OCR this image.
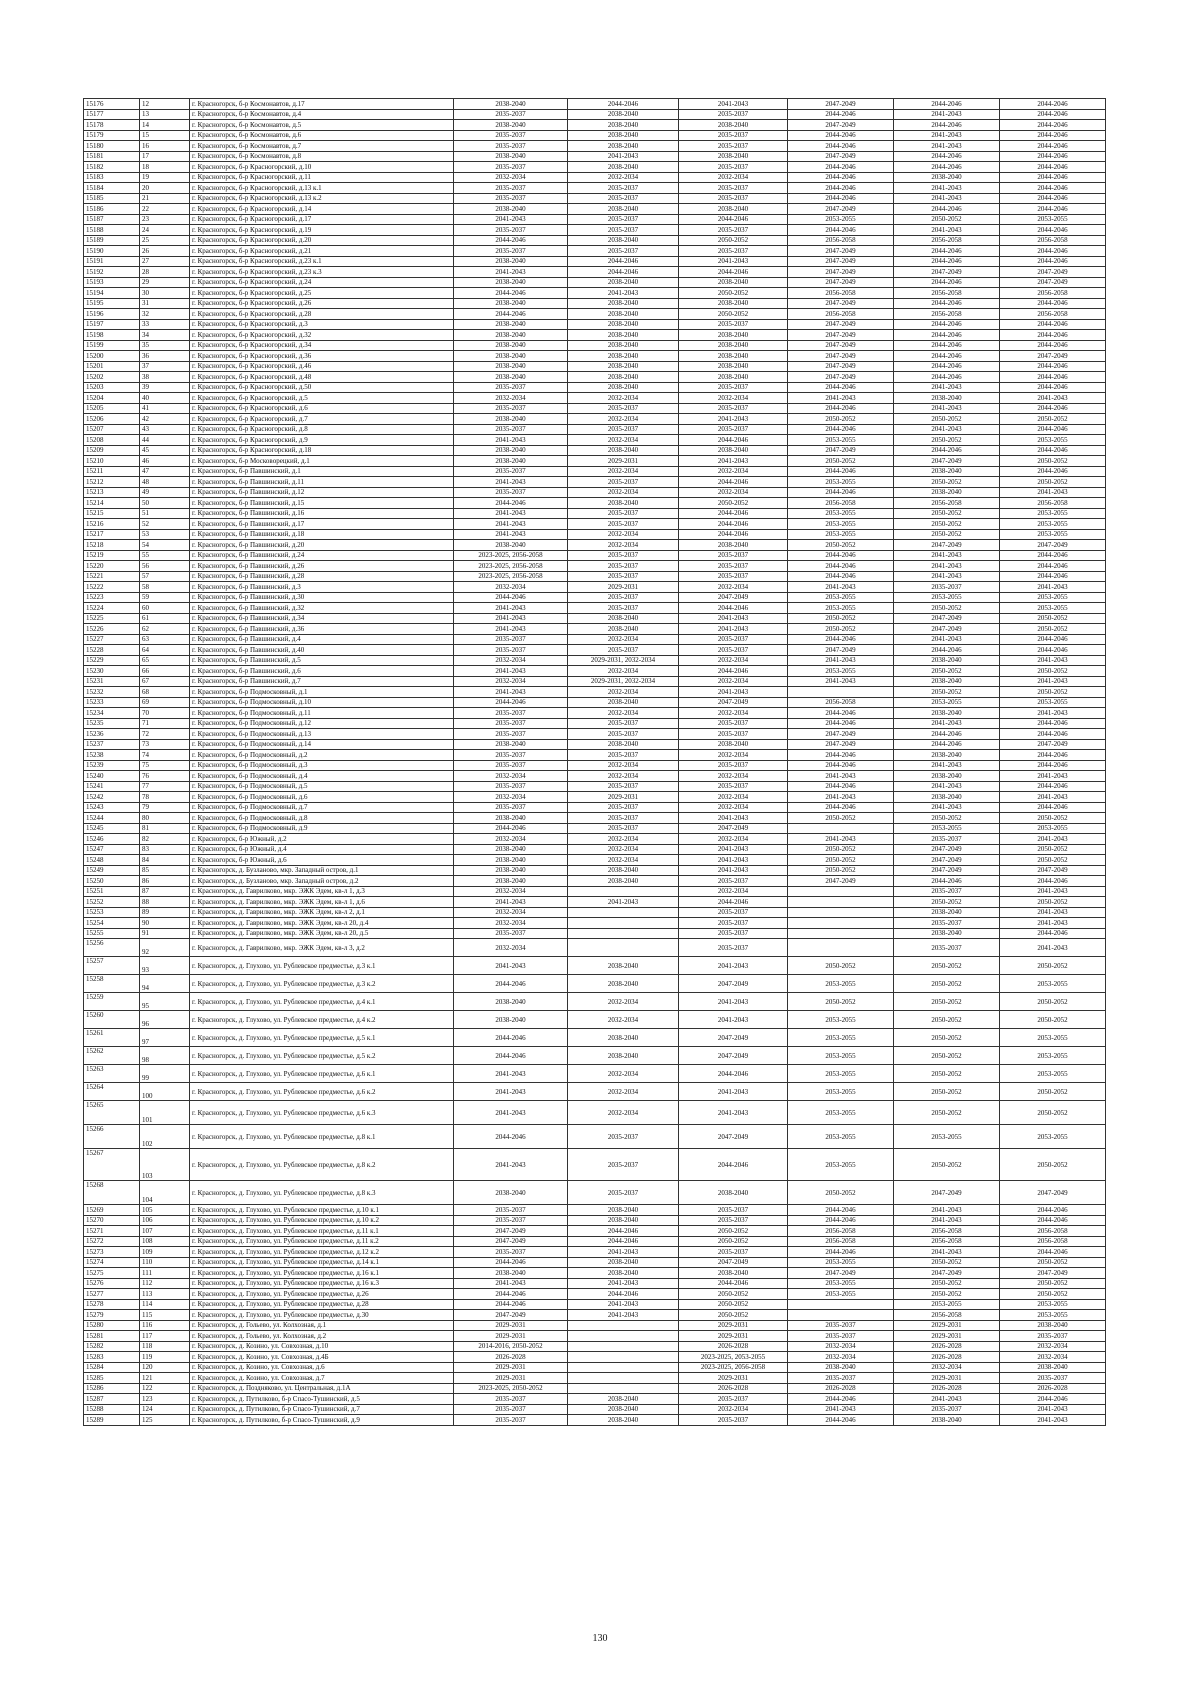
15176	12	г. Красногорск, б-р Космонавтов, д.17	2038-2040	2044-2046	2041-2043	2047-2049	2044-2046	2044-2046
15177	13	г. Красногорск, б-р Космонавтов, д.4	2035-2037	2038-2040	2035-2037	2044-2046	2041-2043	2044-2046
15178	14	г. Красногорск, б-р Космонавтов, д.5	2038-2040	2038-2040	2038-2040	2047-2049	2044-2046	2044-2046
15179	15	г. Красногорск, б-р Космонавтов, д.6	2035-2037	2038-2040	2035-2037	2044-2046	2041-2043	2044-2046
15180	16	г. Красногорск, б-р Космонавтов, д.7	2035-2037	2038-2040	2035-2037	2044-2046	2041-2043	2044-2046
15181	17	г. Красногорск, б-р Космонавтов, д.8	2038-2040	2041-2043	2038-2040	2047-2049	2044-2046	2044-2046
15182	18	г. Красногорск, б-р Красногорский, д.10	2035-2037	2038-2040	2035-2037	2044-2046	2044-2046	2044-2046
15183	19	г. Красногорск, б-р Красногорский, д.11	2032-2034	2032-2034	2032-2034	2044-2046	2038-2040	2044-2046
15184	20	г. Красногорск, б-р Красногорский, д.13 к.1	2035-2037	2035-2037	2035-2037	2044-2046	2041-2043	2044-2046
15185	21	г. Красногорск, б-р Красногорский, д.13 к.2	2035-2037	2035-2037	2035-2037	2044-2046	2041-2043	2044-2046
15186	22	г. Красногорск, б-р Красногорский, д.14	2038-2040	2038-2040	2038-2040	2047-2049	2044-2046	2044-2046
15187	23	г. Красногорск, б-р Красногорский, д.17	2041-2043	2035-2037	2044-2046	2053-2055	2050-2052	2053-2055
15188	24	г. Красногорск, б-р Красногорский, д.19	2035-2037	2035-2037	2035-2037	2044-2046	2041-2043	2044-2046
15189	25	г. Красногорск, б-р Красногорский, д.20	2044-2046	2038-2040	2050-2052	2056-2058	2056-2058	2056-2058
15190	26	г. Красногорск, б-р Красногорский, д.21	2035-2037	2035-2037	2035-2037	2047-2049	2044-2046	2044-2046
15191	27	г. Красногорск, б-р Красногорский, д.23 к.1	2038-2040	2044-2046	2041-2043	2047-2049	2044-2046	2044-2046
15192	28	г. Красногорск, б-р Красногорский, д.23 к.3	2041-2043	2044-2046	2044-2046	2047-2049	2047-2049	2047-2049
15193	29	г. Красногорск, б-р Красногорский, д.24	2038-2040	2038-2040	2038-2040	2047-2049	2044-2046	2047-2049
15194	30	г. Красногорск, б-р Красногорский, д.25	2044-2046	2041-2043	2050-2052	2056-2058	2056-2058	2056-2058
15195	31	г. Красногорск, б-р Красногорский, д.26	2038-2040	2038-2040	2038-2040	2047-2049	2044-2046	2044-2046
15196	32	г. Красногорск, б-р Красногорский, д.28	2044-2046	2038-2040	2050-2052	2056-2058	2056-2058	2056-2058
15197	33	г. Красногорск, б-р Красногорский, д.3	2038-2040	2038-2040	2035-2037	2047-2049	2044-2046	2044-2046
15198	34	г. Красногорск, б-р Красногорский, д.32	2038-2040	2038-2040	2038-2040	2047-2049	2044-2046	2044-2046
15199	35	г. Красногорск, б-р Красногорский, д.34	2038-2040	2038-2040	2038-2040	2047-2049	2044-2046	2044-2046
15200	36	г. Красногорск, б-р Красногорский, д.36	2038-2040	2038-2040	2038-2040	2047-2049	2044-2046	2047-2049
15201	37	г. Красногорск, б-р Красногорский, д.46	2038-2040	2038-2040	2038-2040	2047-2049	2044-2046	2044-2046
15202	38	г. Красногорск, б-р Красногорский, д.48	2038-2040	2038-2040	2038-2040	2047-2049	2044-2046	2044-2046
15203	39	г. Красногорск, б-р Красногорский, д.50	2035-2037	2038-2040	2035-2037	2044-2046	2041-2043	2044-2046
15204	40	г. Красногорск, б-р Красногорский, д.5	2032-2034	2032-2034	2032-2034	2041-2043	2038-2040	2041-2043
15205	41	г. Красногорск, б-р Красногорский, д.6	2035-2037	2035-2037	2035-2037	2044-2046	2041-2043	2044-2046
15206	42	г. Красногорск, б-р Красногорский, д.7	2038-2040	2032-2034	2041-2043	2050-2052	2050-2052	2050-2052
15207	43	г. Красногорск, б-р Красногорский, д.8	2035-2037	2035-2037	2035-2037	2044-2046	2041-2043	2044-2046
15208	44	г. Красногорск, б-р Красногорский, д.9	2041-2043	2032-2034	2044-2046	2053-2055	2050-2052	2053-2055
15209	45	г. Красногорск, б-р Красногорский, д.18	2038-2040	2038-2040	2038-2040	2047-2049	2044-2046	2044-2046
15210	46	г. Красногорск, б-р Московорецкий, д.1	2038-2040	2029-2031	2041-2043	2050-2052	2047-2049	2050-2052
15211	47	г. Красногорск, б-р Павшинский, д.1	2035-2037	2032-2034	2032-2034	2044-2046	2038-2040	2044-2046
15212	48	г. Красногорск, б-р Павшинский, д.11	2041-2043	2035-2037	2044-2046	2053-2055	2050-2052	2050-2052
15213	49	г. Красногорск, б-р Павшинский, д.12	2035-2037	2032-2034	2032-2034	2044-2046	2038-2040	2041-2043
15214	50	г. Красногорск, б-р Павшинский, д.15	2044-2046	2038-2040	2050-2052	2056-2058	2056-2058	2056-2058
15215	51	г. Красногорск, б-р Павшинский, д.16	2041-2043	2035-2037	2044-2046	2053-2055	2050-2052	2053-2055
15216	52	г. Красногорск, б-р Павшинский, д.17	2041-2043	2035-2037	2044-2046	2053-2055	2050-2052	2053-2055
15217	53	г. Красногорск, б-р Павшинский, д.18	2041-2043	2032-2034	2044-2046	2053-2055	2050-2052	2053-2055
15218	54	г. Красногорск, б-р Павшинский, д.20	2038-2040	2032-2034	2038-2040	2050-2052	2047-2049	2047-2049
15219	55	г. Красногорск, б-р Павшинский, д.24	2023-2025, 2056-2058	2035-2037	2035-2037	2044-2046	2041-2043	2044-2046
15220	56	г. Красногорск, б-р Павшинский, д.26	2023-2025, 2056-2058	2035-2037	2035-2037	2044-2046	2041-2043	2044-2046
15221	57	г. Красногорск, б-р Павшинский, д.28	2023-2025, 2056-2058	2035-2037	2035-2037	2044-2046	2041-2043	2044-2046
15222	58	г. Красногорск, б-р Павшинский, д.3	2032-2034	2029-2031	2032-2034	2041-2043	2035-2037	2041-2043
15223	59	г. Красногорск, б-р Павшинский, д.30	2044-2046	2035-2037	2047-2049	2053-2055	2053-2055	2053-2055
15224	60	г. Красногорск, б-р Павшинский, д.32	2041-2043	2035-2037	2044-2046	2053-2055	2050-2052	2053-2055
15225	61	г. Красногорск, б-р Павшинский, д.34	2041-2043	2038-2040	2041-2043	2050-2052	2047-2049	2050-2052
15226	62	г. Красногорск, б-р Павшинский, д.36	2041-2043	2038-2040	2041-2043	2050-2052	2047-2049	2050-2052
15227	63	г. Красногорск, б-р Павшинский, д.4	2035-2037	2032-2034	2035-2037	2044-2046	2041-2043	2044-2046
15228	64	г. Красногорск, б-р Павшинский, д.40	2035-2037	2035-2037	2035-2037	2047-2049	2044-2046	2044-2046
15229	65	г. Красногорск, б-р Павшинский, д.5	2032-2034	2029-2031, 2032-2034	2032-2034	2041-2043	2038-2040	2041-2043
15230	66	г. Красногорск, б-р Павшинский, д.6	2041-2043	2032-2034	2044-2046	2053-2055	2050-2052	2050-2052
15231	67	г. Красногорск, б-р Павшинский, д.7	2032-2034	2029-2031, 2032-2034	2032-2034	2041-2043	2038-2040	2041-2043
15232	68	г. Красногорск, б-р Подмосковный, д.1	2041-2043	2032-2034	2041-2043		2050-2052	2050-2052
15233	69	г. Красногорск, б-р Подмосковный, д.10	2044-2046	2038-2040	2047-2049	2056-2058	2053-2055	2053-2055
15234	70	г. Красногорск, б-р Подмосковный, д.11	2035-2037	2032-2034	2032-2034	2044-2046	2038-2040	2041-2043
15235	71	г. Красногорск, б-р Подмосковный, д.12	2035-2037	2035-2037	2035-2037	2044-2046	2041-2043	2044-2046
15236	72	г. Красногорск, б-р Подмосковный, д.13	2035-2037	2035-2037	2035-2037	2047-2049	2044-2046	2044-2046
15237	73	г. Красногорск, б-р Подмосковный, д.14	2038-2040	2038-2040	2038-2040	2047-2049	2044-2046	2047-2049
15238	74	г. Красногорск, б-р Подмосковный, д.2	2035-2037	2035-2037	2032-2034	2044-2046	2038-2040	2044-2046
15239	75	г. Красногорск, б-р Подмосковный, д.3	2035-2037	2032-2034	2035-2037	2044-2046	2041-2043	2044-2046
15240	76	г. Красногорск, б-р Подмосковный, д.4	2032-2034	2032-2034	2032-2034	2041-2043	2038-2040	2041-2043
15241	77	г. Красногорск, б-р Подмосковный, д.5	2035-2037	2035-2037	2035-2037	2044-2046	2041-2043	2044-2046
15242	78	г. Красногорск, б-р Подмосковный, д.6	2032-2034	2029-2031	2032-2034	2041-2043	2038-2040	2041-2043
15243	79	г. Красногорск, б-р Подмосковный, д.7	2035-2037	2035-2037	2032-2034	2044-2046	2041-2043	2044-2046
15244	80	г. Красногорск, б-р Подмосковный, д.8	2038-2040	2035-2037	2041-2043	2050-2052	2050-2052	2050-2052
15245	81	г. Красногорск, б-р Подмосковный, д.9	2044-2046	2035-2037	2047-2049		2053-2055	2053-2055
15246	82	г. Красногорск, б-р Южный, д.2	2032-2034	2032-2034	2032-2034	2041-2043	2035-2037	2041-2043
15247	83	г. Красногорск, б-р Южный, д.4	2038-2040	2032-2034	2041-2043	2050-2052	2047-2049	2050-2052
15248	84	г. Красногорск, б-р Южный, д.6	2038-2040	2032-2034	2041-2043	2050-2052	2047-2049	2050-2052
15249	85	г. Красногорск, д. Бузланово, мкр. Западный остров, д.1	2038-2040	2038-2040	2041-2043	2050-2052	2047-2049	2047-2049
15250	86	г. Красногорск, д. Бузланово, мкр. Западный остров, д.2	2038-2040	2038-2040	2035-2037	2047-2049	2044-2046	2044-2046
15251	87	г. Красногорск, д. Гаврилково, мкр. ЭЖК Эдем, кв-л 1, д.3	2032-2034		2032-2034		2035-2037	2041-2043
15252	88	г. Красногорск, д. Гаврилково, мкр. ЭЖК Эдем, кв-л 1, д.6	2041-2043	2041-2043	2044-2046		2050-2052	2050-2052
15253	89	г. Красногорск, д. Гаврилково, мкр. ЭЖК Эдем, кв-л 2, д.1	2032-2034		2035-2037		2038-2040	2041-2043
15254	90	г. Красногорск, д. Гаврилково, мкр. ЭЖК Эдем, кв-л 20, д.4	2032-2034		2035-2037		2035-2037	2041-2043
15255	91	г. Красногорск, д. Гаврилково, мкр. ЭЖК Эдем, кв-л 20, д.5	2035-2037		2035-2037		2038-2040	2044-2046
15256	92	г. Красногорск, д. Гаврилково, мкр. ЭЖК Эдем, кв-л 3, д.2	2032-2034		2035-2037		2035-2037	2041-2043
15257	93	г. Красногорск, д. Глухово, ул. Рублевское предместье, д.3 к.1	2041-2043	2038-2040	2041-2043	2050-2052	2050-2052	2050-2052
15258	94	г. Красногорск, д. Глухово, ул. Рублевское предместье, д.3 к.2	2044-2046	2038-2040	2047-2049	2053-2055	2050-2052	2053-2055
15259	95	г. Красногорск, д. Глухово, ул. Рублевское предместье, д.4 к.1	2038-2040	2032-2034	2041-2043	2050-2052	2050-2052	2050-2052
15260	96	г. Красногорск, д. Глухово, ул. Рублевское предместье, д.4 к.2	2038-2040	2032-2034	2041-2043	2053-2055	2050-2052	2050-2052
15261	97	г. Красногорск, д. Глухово, ул. Рублевское предместье, д.5 к.1	2044-2046	2038-2040	2047-2049	2053-2055	2050-2052	2053-2055
15262	98	г. Красногорск, д. Глухово, ул. Рублевское предместье, д.5 к.2	2044-2046	2038-2040	2047-2049	2053-2055	2050-2052	2053-2055
15263	99	г. Красногорск, д. Глухово, ул. Рублевское предместье, д.6 к.1	2041-2043	2032-2034	2044-2046	2053-2055	2050-2052	2053-2055
15264	100	г. Красногорск, д. Глухово, ул. Рублевское предместье, д.6 к.2	2041-2043	2032-2034	2041-2043	2053-2055	2050-2052	2050-2052
15265	101	г. Красногорск, д. Глухово, ул. Рублевское предместье, д.6 к.3	2041-2043	2032-2034	2041-2043	2053-2055	2050-2052	2050-2052
15266	102	г. Красногорск, д. Глухово, ул. Рублевское предместье, д.8 к.1	2044-2046	2035-2037	2047-2049	2053-2055	2053-2055	2053-2055
15267	103	г. Красногорск, д. Глухово, ул. Рублевское предместье, д.8 к.2	2041-2043	2035-2037	2044-2046	2053-2055	2050-2052	2050-2052
15268	104	г. Красногорск, д. Глухово, ул. Рублевское предместье, д.8 к.3	2038-2040	2035-2037	2038-2040	2050-2052	2047-2049	2047-2049
15269	105	г. Красногорск, д. Глухово, ул. Рублевское предместье, д.10 к.1	2035-2037	2038-2040	2035-2037	2044-2046	2041-2043	2044-2046
15270	106	г. Красногорск, д. Глухово, ул. Рублевское предместье, д.10 к.2	2035-2037	2038-2040	2035-2037	2044-2046	2041-2043	2044-2046
15271	107	г. Красногорск, д. Глухово, ул. Рублевское предместье, д.11 к.1	2047-2049	2044-2046	2050-2052	2056-2058	2056-2058	2056-2058
15272	108	г. Красногорск, д. Глухово, ул. Рублевское предместье, д.11 к.2	2047-2049	2044-2046	2050-2052	2056-2058	2056-2058	2056-2058
15273	109	г. Красногорск, д. Глухово, ул. Рублевское предместье, д.12 к.2	2035-2037	2041-2043	2035-2037	2044-2046	2041-2043	2044-2046
15274	110	г. Красногорск, д. Глухово, ул. Рублевское предместье, д.14 к.1	2044-2046	2038-2040	2047-2049	2053-2055	2050-2052	2050-2052
15275	111	г. Красногорск, д. Глухово, ул. Рублевское предместье, д.16 к.1	2038-2040	2038-2040	2038-2040	2047-2049	2047-2049	2047-2049
15276	112	г. Красногорск, д. Глухово, ул. Рублевское предместье, д.16 к.3	2041-2043	2041-2043	2044-2046	2053-2055	2050-2052	2050-2052
15277	113	г. Красногорск, д. Глухово, ул. Рублевское предместье, д.26	2044-2046	2044-2046	2050-2052	2053-2055	2050-2052	2050-2052
15278	114	г. Красногорск, д. Глухово, ул. Рублевское предместье, д.28	2044-2046	2041-2043	2050-2052		2053-2055	2053-2055
15279	115	г. Красногорск, д. Глухово, ул. Рублевское предместье, д.30	2047-2049	2041-2043	2050-2052		2056-2058	2053-2055
15280	116	г. Красногорск, д. Гольево, ул. Колхозная, д.1	2029-2031		2029-2031	2035-2037	2029-2031	2038-2040
15281	117	г. Красногорск, д. Гольево, ул. Колхозная, д.2	2029-2031		2029-2031	2035-2037	2029-2031	2035-2037
15282	118	г. Красногорск, д. Козино, ул. Совхозная, д.10	2014-2016, 2050-2052		2026-2028	2032-2034	2026-2028	2032-2034
15283	119	г. Красногорск, д. Козино, ул. Совхозная, д.4Б	2026-2028		2023-2025, 2053-2055	2032-2034	2026-2028	2032-2034
15284	120	г. Красногорск, д. Козино, ул. Совхозная, д.6	2029-2031		2023-2025, 2056-2058	2038-2040	2032-2034	2038-2040
15285	121	г. Красногорск, д. Козино, ул. Совхозная, д.7	2029-2031		2029-2031	2035-2037	2029-2031	2035-2037
15286	122	г. Красногорск, д. Поздняково, ул. Центральная, д.1А	2023-2025, 2050-2052		2026-2028	2026-2028	2026-2028	2026-2028
15287	123	г. Красногорск, д. Путилково, б-р Спасо-Тушинский, д.5	2035-2037	2038-2040	2035-2037	2044-2046	2041-2043	2044-2046
15288	124	г. Красногорск, д. Путилково, б-р Спасо-Тушинский, д.7	2035-2037	2038-2040	2032-2034	2041-2043	2035-2037	2041-2043
15289	125	г. Красногорск, д. Путилково, б-р Спасо-Тушинский, д.9	2035-2037	2038-2040	2035-2037	2044-2046	2038-2040	2041-2043
130
